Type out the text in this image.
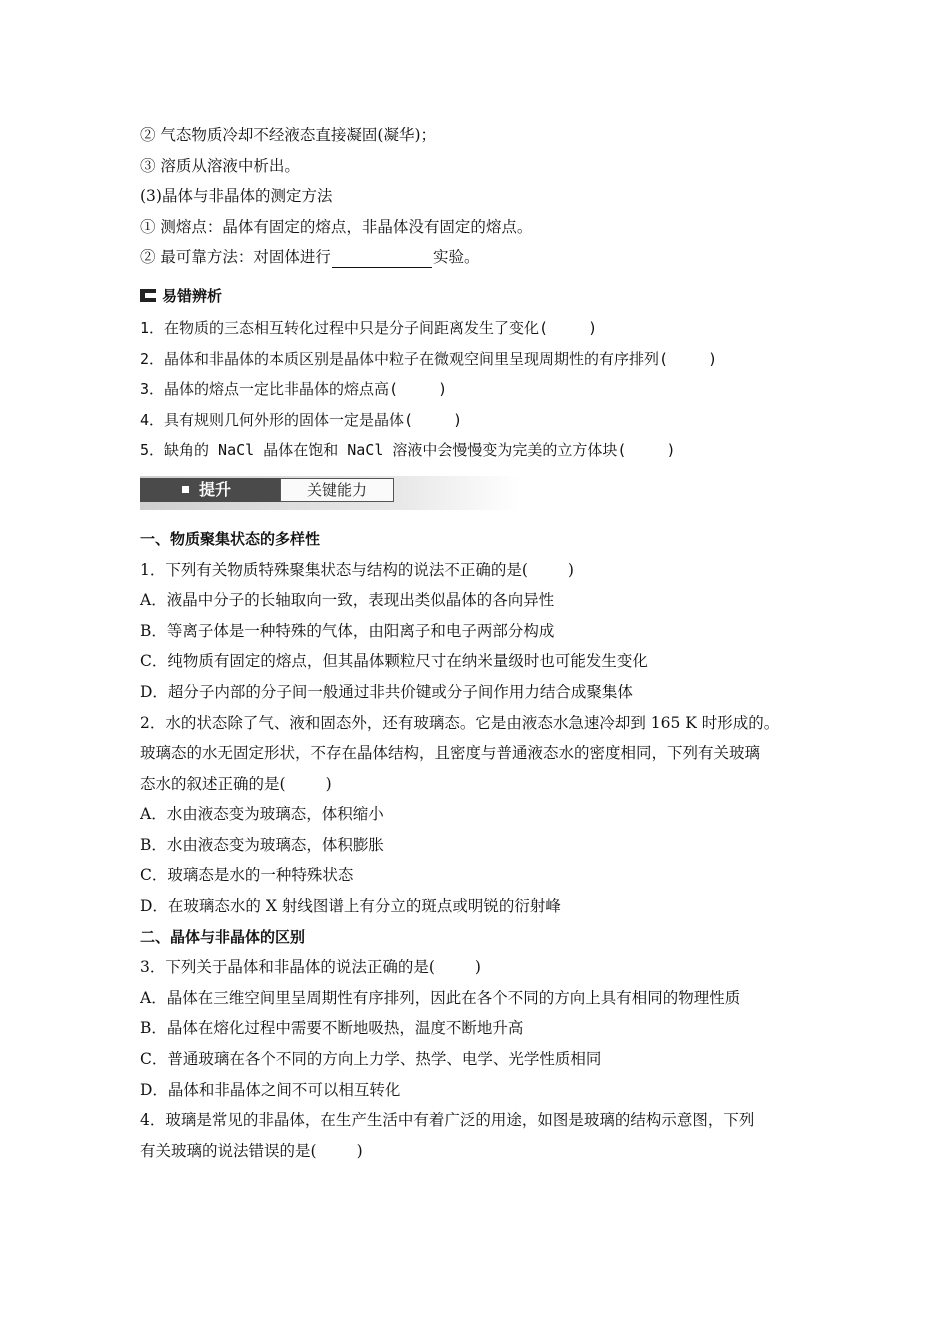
② 气态物质冷却不经液态直接凝固(凝华)；
③ 溶质从溶液中析出。
(3)晶体与非晶体的测定方法
① 测熔点：晶体有固定的熔点，非晶体没有固定的熔点。
② 最可靠方法：对固体进行	实验。
易错辨析
1．在物质的三态相互转化过程中只是分子间距离发生了变化(	)
2．晶体和非晶体的本质区别是晶体中粒子在微观空间里呈现周期性的有序排列(	)
3．晶体的熔点一定比非晶体的熔点高(	)
4．具有规则几何外形的固体一定是晶体(	)
5．缺角的 NaCl 晶体在饱和 NaCl 溶液中会慢慢变为完美的立方体块(	)
提升	关键能力
一、物质聚集状态的多样性
1．下列有关物质特殊聚集状态与结构的说法不正确的是(	)
A．液晶中分子的长轴取向一致，表现出类似晶体的各向异性
B．等离子体是一种特殊的气体，由阳离子和电子两部分构成
C．纯物质有固定的熔点，但其晶体颗粒尺寸在纳米量级时也可能发生变化
D．超分子内部的分子间一般通过非共价键或分子间作用力结合成聚集体
2．水的状态除了气、液和固态外，还有玻璃态。它是由液态水急速冷却到 165 K 时形成的。
玻璃态的水无固定形状，不存在晶体结构，且密度与普通液态水的密度相同，下列有关玻璃
态水的叙述正确的是(	)
A．水由液态变为玻璃态，体积缩小
B．水由液态变为玻璃态，体积膨胀
C．玻璃态是水的一种特殊状态
D．在玻璃态水的 X 射线图谱上有分立的斑点或明锐的衍射峰
二、晶体与非晶体的区别
3．下列关于晶体和非晶体的说法正确的是(	)
A．晶体在三维空间里呈周期性有序排列，因此在各个不同的方向上具有相同的物理性质
B．晶体在熔化过程中需要不断地吸热，温度不断地升高
C．普通玻璃在各个不同的方向上力学、热学、电学、光学性质相同
D．晶体和非晶体之间不可以相互转化
4．玻璃是常见的非晶体，在生产生活中有着广泛的用途，如图是玻璃的结构示意图，下列
有关玻璃的说法错误的是(	)
